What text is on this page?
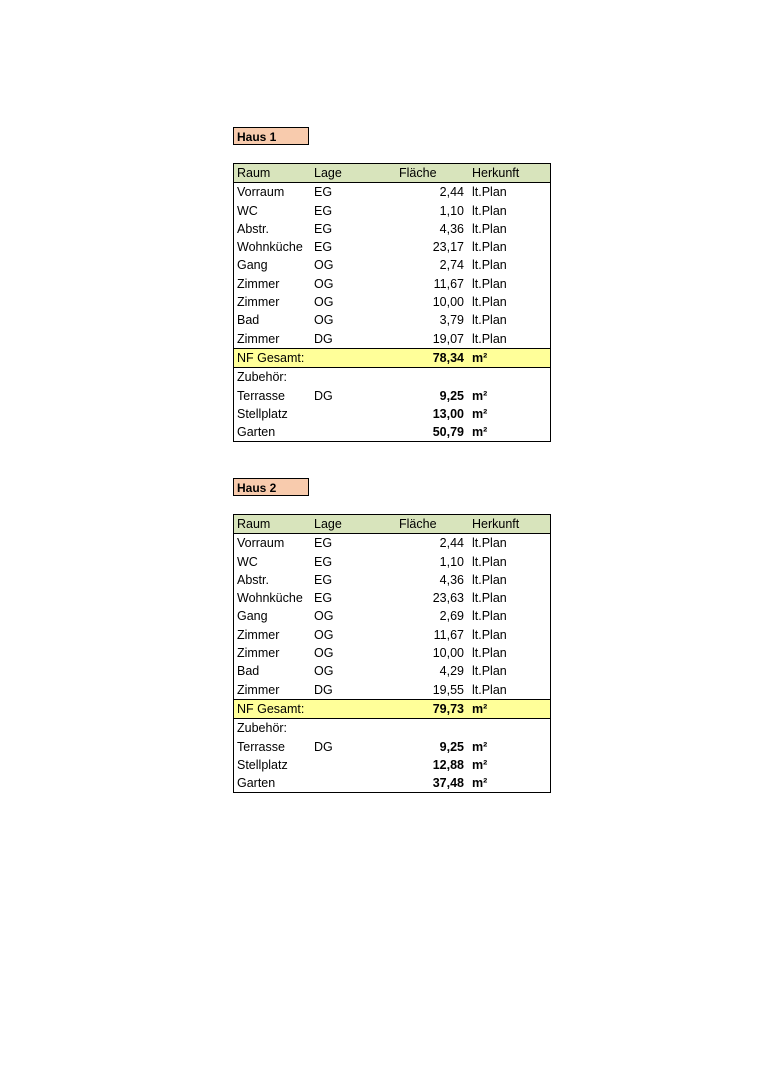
Haus 1
Raum	Lage	Fläche	Herkunft
Vorraum	EG	2,44 lt.Plan
WC	EG	1,10 lt.Plan
Abstr.	EG	4,36 lt.Plan
Wohnküche EG	23,17 lt.Plan
Gang	OG	2,74 lt.Plan
Zimmer	OG	11,67 lt.Plan
Zimmer	OG	10,00 lt.Plan
Bad	OG	3,79 lt.Plan
Zimmer	DG	19,07 lt.Plan
NF Gesamt:	78,34 m²
Zubehör:
Terrasse	DG	9,25 m²
Stellplatz	13,00 m²
Garten	50,79 m²
Haus 2
Raum	Lage	Fläche	Herkunft
Vorraum	EG	2,44 lt.Plan
WC	EG	1,10 lt.Plan
Abstr.	EG	4,36 lt.Plan
Wohnküche EG	23,63 lt.Plan
Gang	OG	2,69 lt.Plan
Zimmer	OG	11,67 lt.Plan
Zimmer	OG	10,00 lt.Plan
Bad	OG	4,29 lt.Plan
Zimmer	DG	19,55 lt.Plan
NF Gesamt:	79,73 m²
Zubehör:
Terrasse	DG	9,25 m²
Stellplatz	12,88 m²
Garten	37,48 m²
